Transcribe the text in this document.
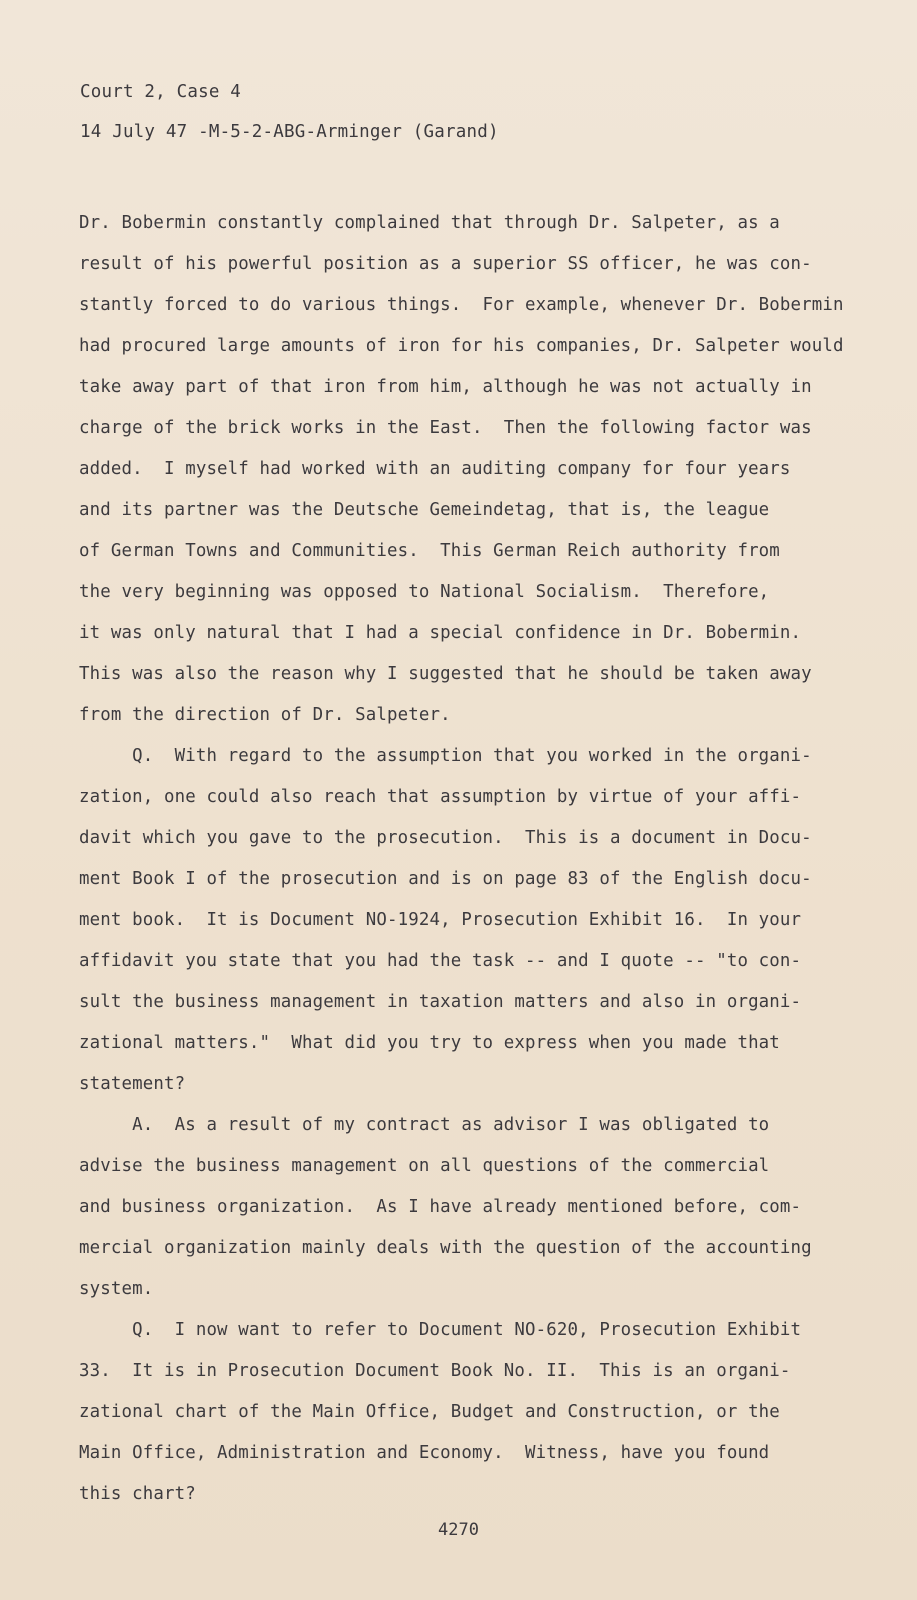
Court 2, Case 4
14 July 47 -M-5-2-ABG-Arminger (Garand)
Dr. Bobermin constantly complained that through Dr. Salpeter, as a
result of his powerful position as a superior SS officer, he was con-
stantly forced to do various things.  For example, whenever Dr. Bobermin
had procured large amounts of iron for his companies, Dr. Salpeter would
take away part of that iron from him, although he was not actually in
charge of the brick works in the East.  Then the following factor was
added.  I myself had worked with an auditing company for four years
and its partner was the Deutsche Gemeindetag, that is, the league
of German Towns and Communities.  This German Reich authority from
the very beginning was opposed to National Socialism.  Therefore,
it was only natural that I had a special confidence in Dr. Bobermin.
This was also the reason why I suggested that he should be taken away
from the direction of Dr. Salpeter.
Q.  With regard to the assumption that you worked in the organi-
zation, one could also reach that assumption by virtue of your affi-
davit which you gave to the prosecution.  This is a document in Docu-
ment Book I of the prosecution and is on page 83 of the English docu-
ment book.  It is Document NO-1924, Prosecution Exhibit 16.  In your
affidavit you state that you had the task -- and I quote -- "to con-
sult the business management in taxation matters and also in organi-
zational matters."  What did you try to express when you made that
statement?
A.  As a result of my contract as advisor I was obligated to
advise the business management on all questions of the commercial
and business organization.  As I have already mentioned before, com-
mercial organization mainly deals with the question of the accounting
system.
Q.  I now want to refer to Document NO-620, Prosecution Exhibit
33.  It is in Prosecution Document Book No. II.  This is an organi-
zational chart of the Main Office, Budget and Construction, or the
Main Office, Administration and Economy.  Witness, have you found
this chart?
4270
